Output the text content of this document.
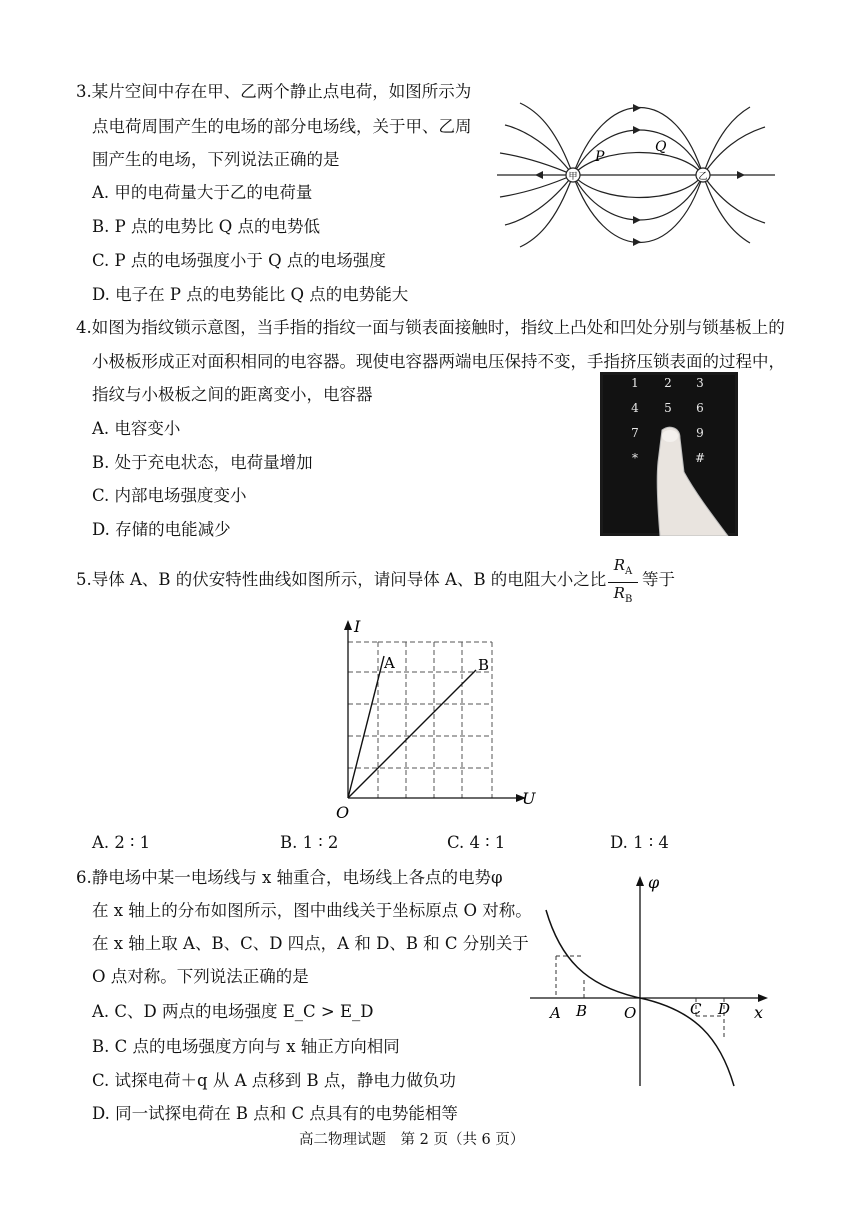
3.某片空间中存在甲、乙两个静止点电荷，如图所示为
点电荷周围产生的电场的部分电场线，关于甲、乙周
围产生的电场，下列说法正确的是
A. 甲的电荷量大于乙的电荷量
B. P 点的电势比 Q 点的电势低
C. P 点的电场强度小于 Q 点的电场强度
D. 电子在 P 点的电势能比 Q 点的电势能大
甲	乙
P
Q
4.如图为指纹锁示意图，当手指的指纹一面与锁表面接触时，指纹上凸处和凹处分别与锁基板上的
小极板形成正对面积相同的电容器。现使电容器两端电压保持不变，手指挤压锁表面的过程中，
指纹与小极板之间的距离变小，电容器
A. 电容变小
B. 处于充电状态，电荷量增加
C. 内部电场强度变小
D. 存储的电能减少
1 2 3
4 5 6
7	9
*	#
5.导体 A、B 的伏安特性曲线如图所示，请问导体 A、B 的电阻大小之比
$R_A$
$R_B$
等于
I
U
O
A	B
A. 2 ∶ 1	B. 1 ∶ 2	C. 4 ∶ 1	D. 1 ∶ 4
6.静电场中某一电场线与 x 轴重合，电场线上各点的电势φ
在 x 轴上的分布如图所示，图中曲线关于坐标原点 O 对称。
在 x 轴上取 A、B、C、D 四点，A 和 D、B 和 C 分别关于
O 点对称。下列说法正确的是
A. C、D 两点的电场强度 E_C > E_D
B. C 点的电场强度方向与 x 轴正方向相同
C. 试探电荷＋q 从 A 点移到 B 点，静电力做负功
D. 同一试探电荷在 B 点和 C 点具有的电势能相等
φ
x
O
A B	C D
高二物理试题　第 2 页（共 6 页）
